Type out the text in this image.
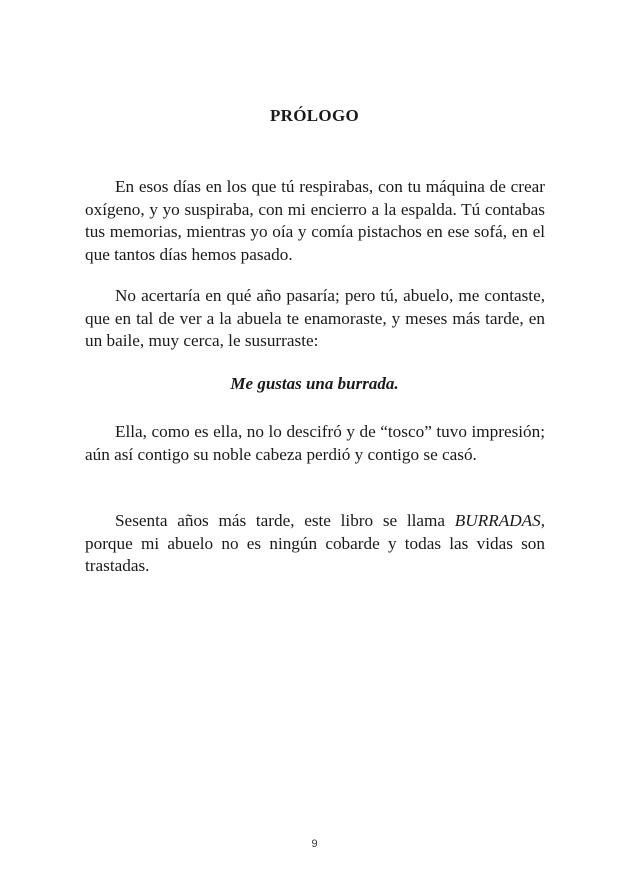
PRÓLOGO

En esos días en los que tú respirabas, con tu máquina de crear oxígeno, y yo suspiraba, con mi encierro a la espalda. Tú contabas tus memorias, mientras yo oía y comía pistachos en ese sofá, en el que tantos días hemos pasado.

No acertaría en qué año pasaría; pero tú, abuelo, me contaste, que en tal de ver a la abuela te enamoraste, y meses más tarde, en un baile, muy cerca, le susurraste:

Me gustas una burrada.

Ella, como es ella, no lo descifró y de “tosco” tuvo impresión; aún así contigo su noble cabeza perdió y contigo se casó.

Sesenta años más tarde, este libro se llama BURRADAS, porque mi abuelo no es ningún cobarde y todas las vidas son trastadas.

9
